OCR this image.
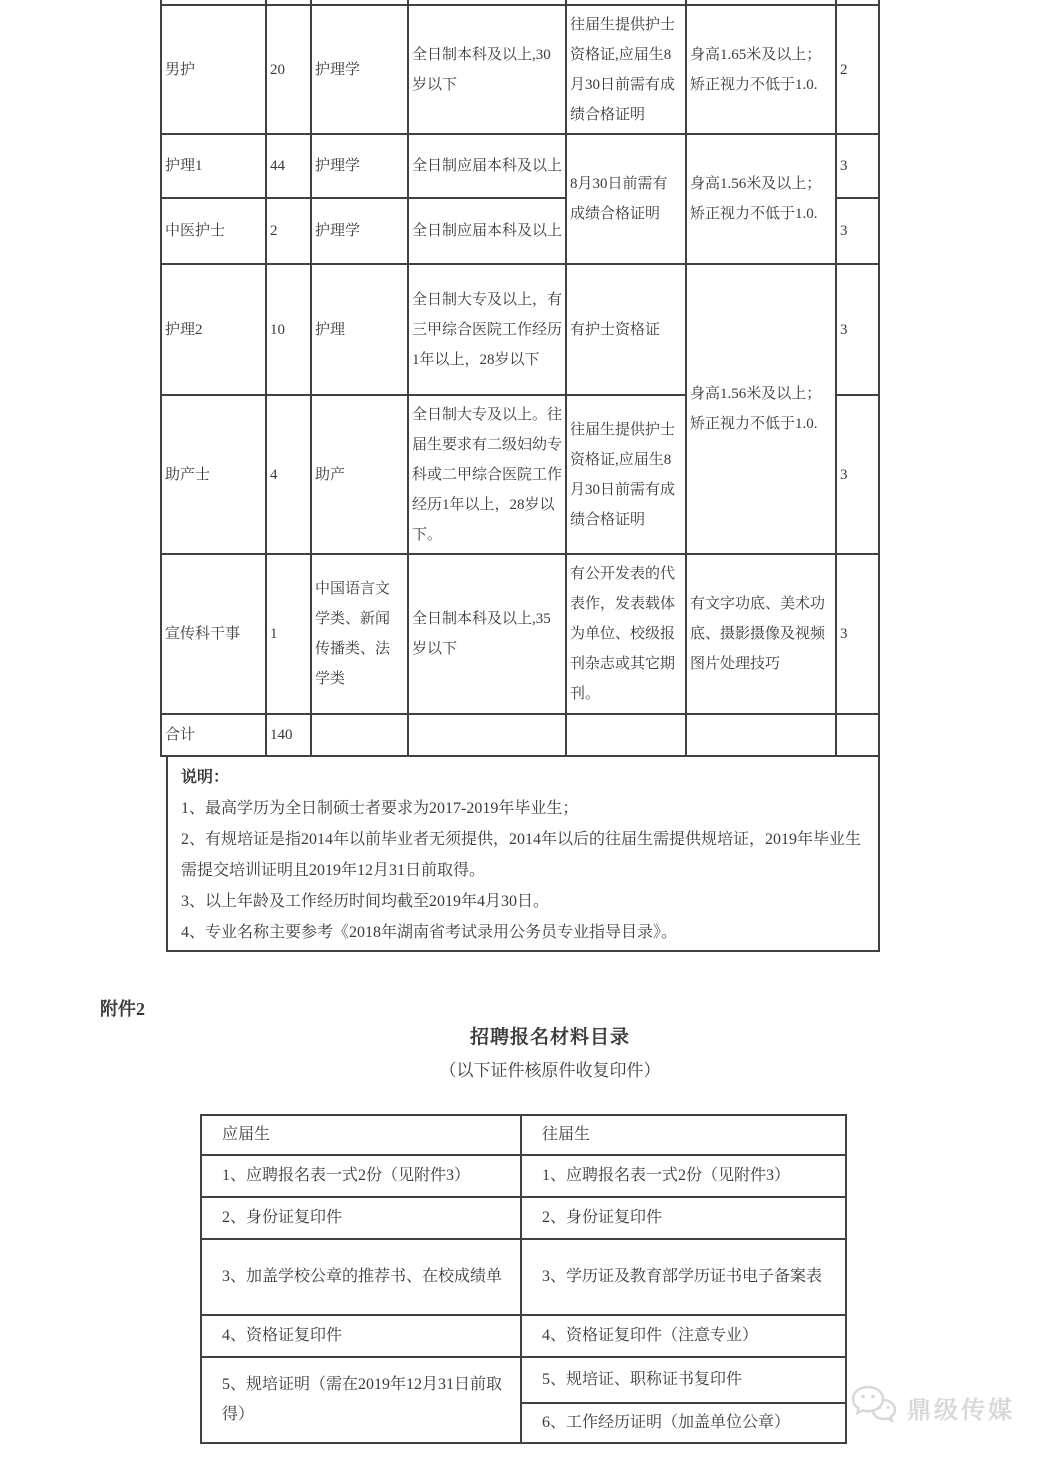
男护	20	护理学	全日制本科及以上,30岁以下	往届生提供护士资格证,应届生8月30日前需有成绩合格证明	身高1.65米及以上；矫正视力不低于1.0.	2
护理1	44	护理学	全日制应届本科及以上	8月30日前需有成绩合格证明	身高1.56米及以上；矫正视力不低于1.0.	3
中医护士	2	护理学	全日制应届本科及以上			3
护理2	10	护理	全日制大专及以上，有三甲综合医院工作经历1年以上，28岁以下	有护士资格证	身高1.56米及以上；矫正视力不低于1.0.	3
助产士	4	助产	全日制大专及以上。往届生要求有二级妇幼专科或二甲综合医院工作经历1年以上，28岁以下。	往届生提供护士资格证,应届生8月30日前需有成绩合格证明		3
宣传科干事	1	中国语言文学类、新闻传播类、法学类	全日制本科及以上,35岁以下	有公开发表的代表作，发表载体为单位、校级报刊杂志或其它期刊。	有文字功底、美术功底、摄影摄像及视频图片处理技巧	3
合计	140					
说明：
1、最高学历为全日制硕士者要求为2017-2019年毕业生；
2、有规培证是指2014年以前毕业者无须提供，2014年以后的往届生需提供规培证，2019年毕业生需提交培训证明且2019年12月31日前取得。
3、以上年龄及工作经历时间均截至2019年4月30日。
4、专业名称主要参考《2018年湖南省考试录用公务员专业指导目录》。
附件2
招聘报名材料目录
（以下证件核原件收复印件）
应届生	往届生
1、应聘报名表一式2份（见附件3）	1、应聘报名表一式2份（见附件3）
2、身份证复印件	2、身份证复印件
3、加盖学校公章的推荐书、在校成绩单	3、学历证及教育部学历证书电子备案表
4、资格证复印件	4、资格证复印件（注意专业）
5、规培证明（需在2019年12月31日前取得）	5、规培证、职称证书复印件
	6、工作经历证明（加盖单位公章）	鼎级传媒
